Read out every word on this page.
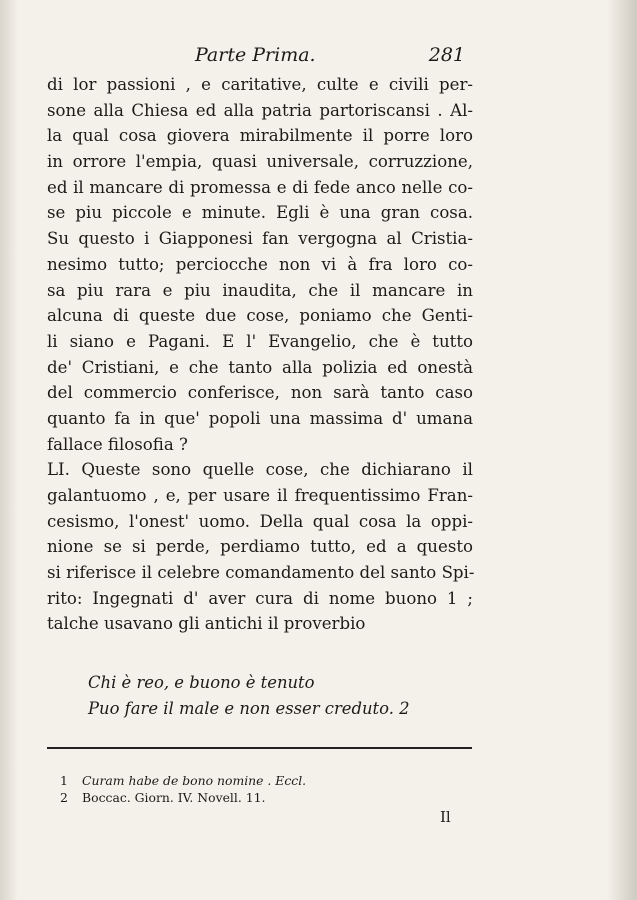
Parte Prima.	281
di lor passioni , e caritative, culte e civili per-
sone alla Chiesa ed alla patria partoriscansi . Al-
la qual cosa giovera mirabilmente il porre loro
in orrore l'empia, quasi universale, corruzzione,
ed il mancare di promessa e di fede anco nelle co-
se piu piccole e minute. Egli è una gran cosa.
Su questo i Giapponesi fan vergogna al Cristia-
nesimo tutto; perciocche non vi à fra loro co-
sa piu rara e piu inaudita, che il mancare in
alcuna di queste due cose, poniamo che Genti-
li siano e Pagani. E l' Evangelio, che è tutto
de' Cristiani, e che tanto alla polizia ed onestà
del commercio conferisce, non sarà tanto caso
quanto fa in que' popoli una massima d' umana
fallace filosofia ?
LI. Queste sono quelle cose, che dichiarano il
galantuomo , e, per usare il frequentissimo Fran-
cesismo, l'onest' uomo. Della qual cosa la oppi-
nione se si perde, perdiamo tutto, ed a questo
si riferisce il celebre comandamento del santo Spi-
rito: Ingegnati d' aver cura di nome buono 1 ;
talche usavano gli antichi il proverbio
Chi è reo, e buono è tenuto
Puo fare il male e non esser creduto. 2
1 Curam habe de bono nomine . Eccl.
2 Boccac. Giorn. IV. Novell. 11.
Il
